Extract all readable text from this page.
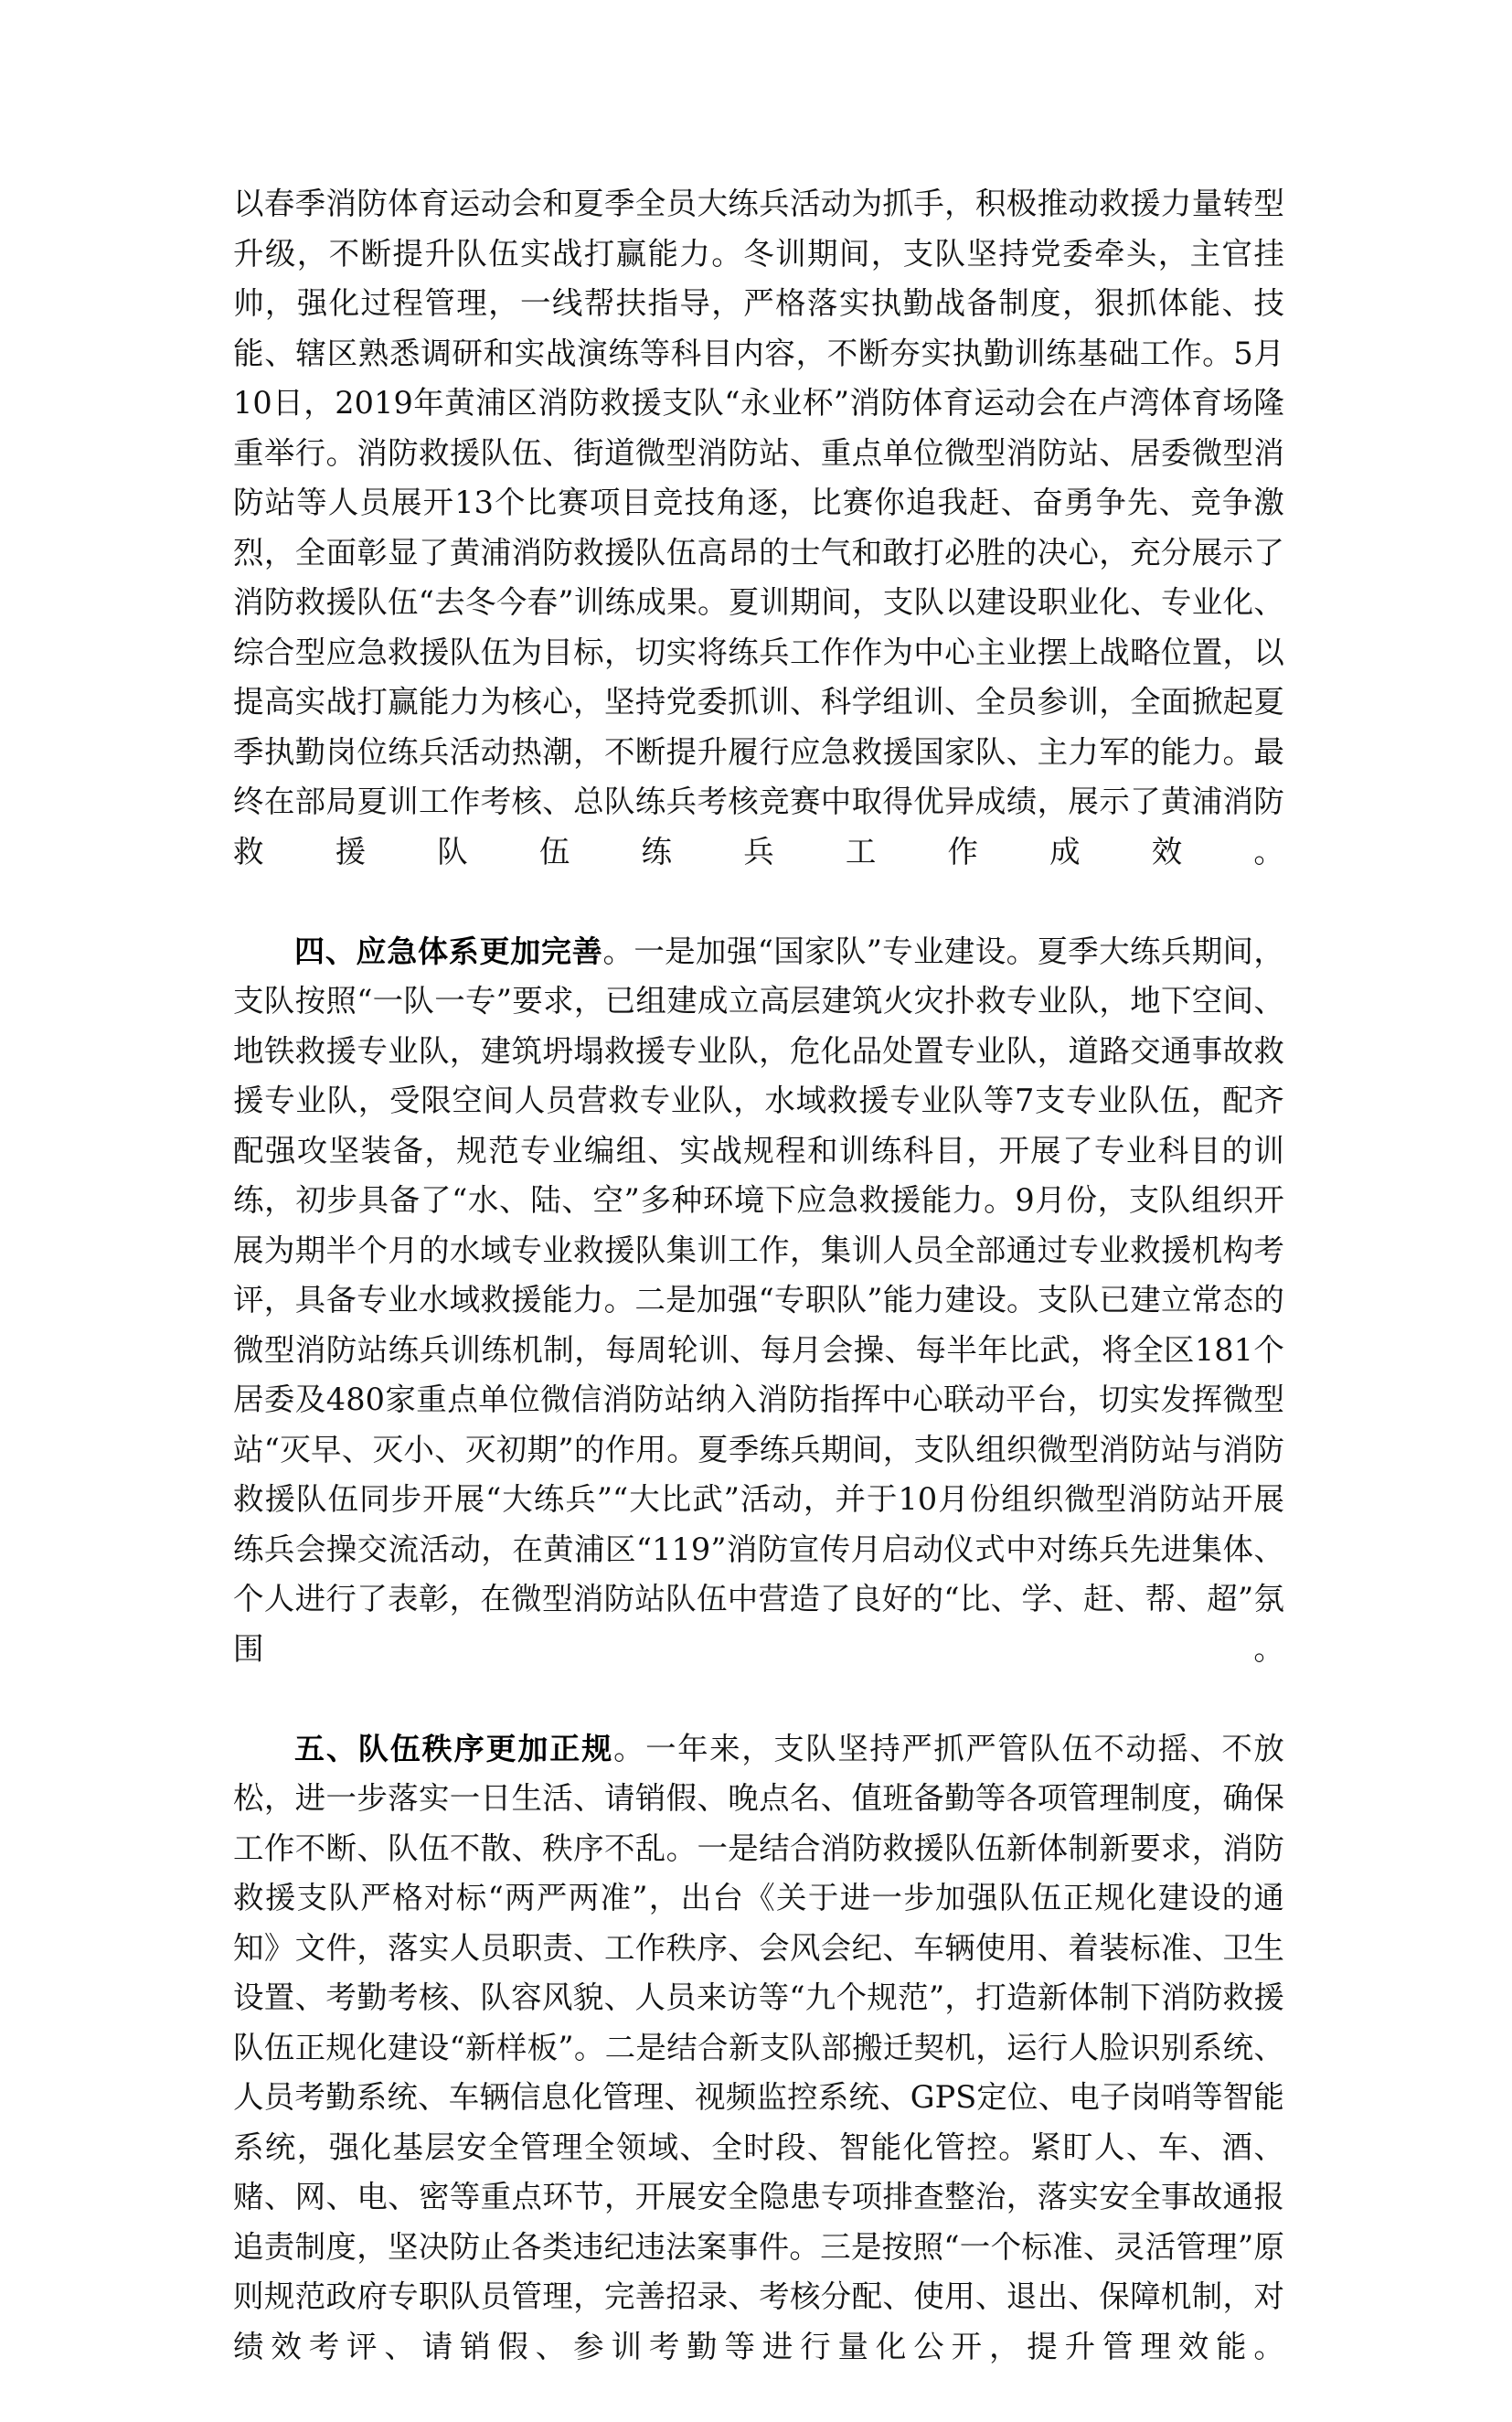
以春季消防体育运动会和夏季全员大练兵活动为抓手，积极推动救援力量转型升级，不断提升队伍实战打赢能力。冬训期间，支队坚持党委牵头，主官挂帅，强化过程管理，一线帮扶指导，严格落实执勤战备制度，狠抓体能、技能、辖区熟悉调研和实战演练等科目内容，不断夯实执勤训练基础工作。5月10日，2019年黄浦区消防救援支队“永业杯”消防体育运动会在卢湾体育场隆重举行。消防救援队伍、街道微型消防站、重点单位微型消防站、居委微型消防站等人员展开13个比赛项目竞技角逐，比赛你追我赶、奋勇争先、竞争激烈，全面彰显了黄浦消防救援队伍高昂的士气和敢打必胜的决心，充分展示了消防救援队伍“去冬今春”训练成果。夏训期间，支队以建设职业化、专业化、综合型应急救援队伍为目标，切实将练兵工作作为中心主业摆上战略位置，以提高实战打赢能力为核心，坚持党委抓训、科学组训、全员参训，全面掀起夏季执勤岗位练兵活动热潮，不断提升履行应急救援国家队、主力军的能力。最终在部局夏训工作考核、总队练兵考核竞赛中取得优异成绩，展示了黄浦消防救援队伍练兵工作成效。

四、应急体系更加完善。一是加强“国家队”专业建设。夏季大练兵期间，支队按照“一队一专”要求，已组建成立高层建筑火灾扑救专业队，地下空间、地铁救援专业队，建筑坍塌救援专业队，危化品处置专业队，道路交通事故救援专业队，受限空间人员营救专业队，水域救援专业队等7支专业队伍，配齐配强攻坚装备，规范专业编组、实战规程和训练科目，开展了专业科目的训练，初步具备了“水、陆、空”多种环境下应急救援能力。9月份，支队组织开展为期半个月的水域专业救援队集训工作，集训人员全部通过专业救援机构考评，具备专业水域救援能力。二是加强“专职队”能力建设。支队已建立常态的微型消防站练兵训练机制，每周轮训、每月会操、每半年比武，将全区181个居委及480家重点单位微信消防站纳入消防指挥中心联动平台，切实发挥微型站“灭早、灭小、灭初期”的作用。夏季练兵期间，支队组织微型消防站与消防救援队伍同步开展“大练兵”“大比武”活动，并于10月份组织微型消防站开展练兵会操交流活动，在黄浦区“119”消防宣传月启动仪式中对练兵先进集体、个人进行了表彰，在微型消防站队伍中营造了良好的“比、学、赶、帮、超”氛围。

五、队伍秩序更加正规。一年来，支队坚持严抓严管队伍不动摇、不放松，进一步落实一日生活、请销假、晚点名、值班备勤等各项管理制度，确保工作不断、队伍不散、秩序不乱。一是结合消防救援队伍新体制新要求，消防救援支队严格对标“两严两准”，出台《关于进一步加强队伍正规化建设的通知》文件，落实人员职责、工作秩序、会风会纪、车辆使用、着装标准、卫生设置、考勤考核、队容风貌、人员来访等“九个规范”，打造新体制下消防救援队伍正规化建设“新样板”。二是结合新支队部搬迁契机，运行人脸识别系统、人员考勤系统、车辆信息化管理、视频监控系统、GPS定位、电子岗哨等智能系统，强化基层安全管理全领域、全时段、智能化管控。紧盯人、车、酒、赌、网、电、密等重点环节，开展安全隐患专项排查整治，落实安全事故通报追责制度，坚决防止各类违纪违法案事件。三是按照“一个标准、灵活管理”原则规范政府专职队员管理，完善招录、考核分配、使用、退出、保障机制，对绩效考评、请销假、参训考勤等进行量化公开，提升管理效能。
